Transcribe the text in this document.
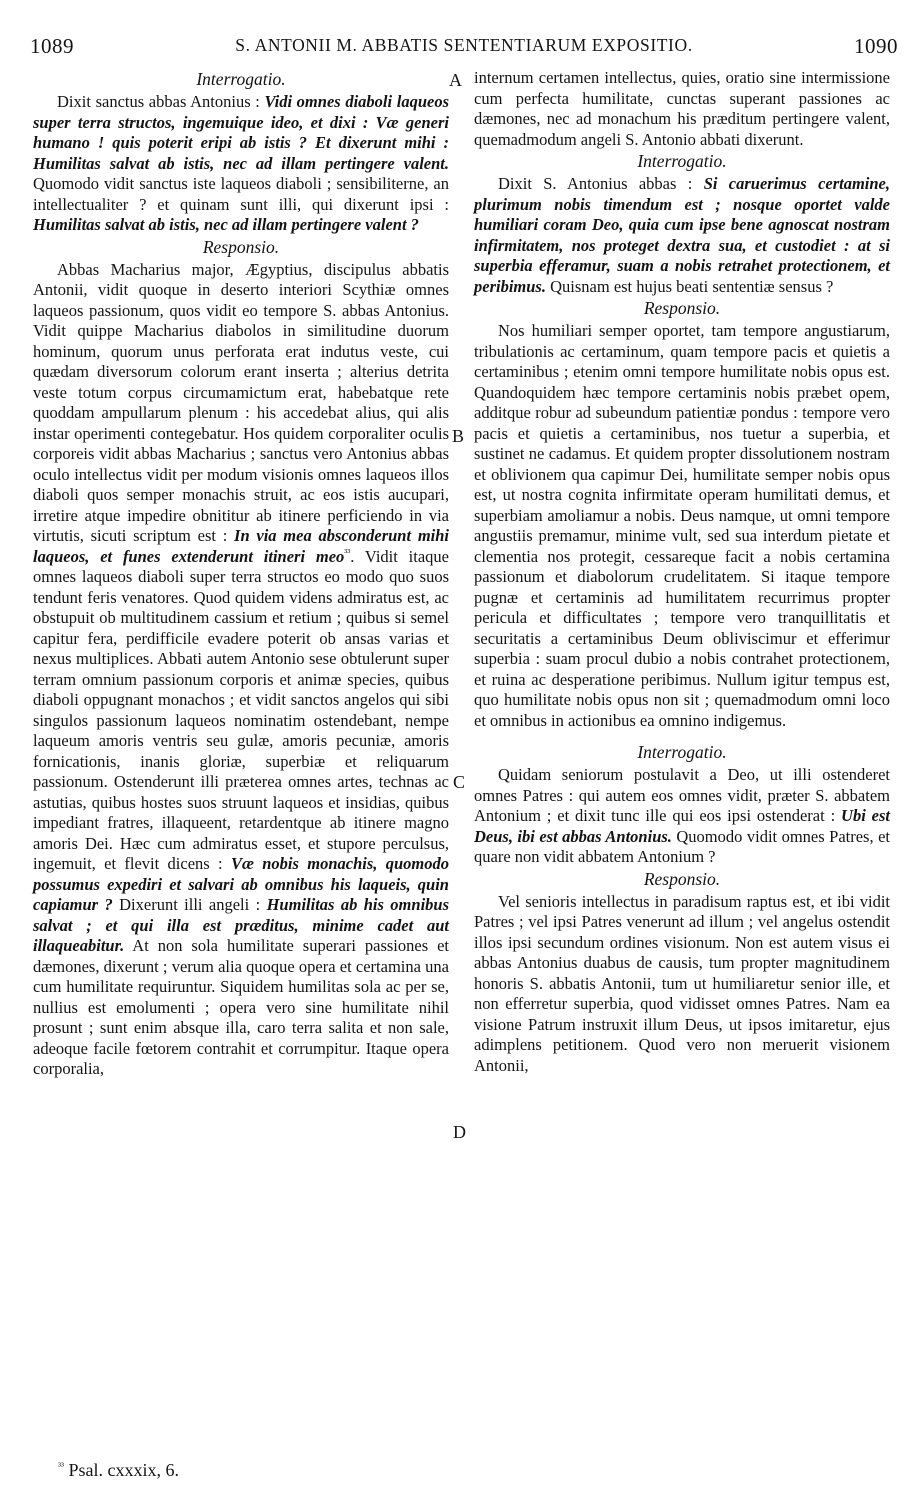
1089	S. ANTONII M. ABBATIS SENTENTIARUM EXPOSITIO.	1090
A
B
C
D
Interrogatio.

Dixit sanctus abbas Antonius : Vidi omnes diaboli laqueos super terra structos, ingemuique ideo, et dixi : Væ generi humano ! quis poterit eripi ab istis ? Et dixerunt mihi : Humilitas salvat ab istis, nec ad illam pertingere valent. Quomodo vidit sanctus iste laqueos diaboli ; sensibiliterne, an intellectualiter ? et quinam sunt illi, qui dixerunt ipsi : Humilitas salvat ab istis, nec ad illam pertingere valent ?

Responsio.

Abbas Macharius major, Ægyptius, discipulus abbatis Antonii, vidit quoque in deserto interiori Scythiæ omnes laqueos passionum, quos vidit eo tempore S. abbas Antonius. Vidit quippe Macharius diabolos in similitudine duorum hominum, quorum unus perforata erat indutus veste, cui quædam diversorum colorum erant inserta ; alterius detrita veste totum corpus circumamictum erat, habebatque rete quoddam ampullarum plenum : his accedebat alius, qui alis instar operimenti contegebatur. Hos quidem corporaliter oculis corporeis vidit abbas Macharius ; sanctus vero Antonius abbas oculo intellectus vidit per modum visionis omnes laqueos illos diaboli quos semper monachis struit, ac eos istis aucupari, irretire atque impedire obnititur ab itinere perficiendo in via virtutis, sicuti scriptum est : In via mea absconderunt mihi laqueos, et funes extenderunt itineri meo$^{^{33}}$. Vidit itaque omnes laqueos diaboli super terra structos eo modo quo suos tendunt feris venatores. Quod quidem videns admiratus est, ac obstupuit ob multitudinem cassium et retium ; quibus si semel capitur fera, perdifficile evadere poterit ob ansas varias et nexus multiplices. Abbati autem Antonio sese obtulerunt super terram omnium passionum corporis et animæ species, quibus diaboli oppugnant monachos ; et vidit sanctos angelos qui sibi singulos passionum laqueos nominatim ostendebant, nempe laqueum amoris ventris seu gulæ, amoris pecuniæ, amoris fornicationis, inanis gloriæ, superbiæ et reliquarum passionum. Ostenderunt illi præterea omnes artes, technas ac astutias, quibus hostes suos struunt laqueos et insidias, quibus impediant fratres, illaqueent, retardentque ab itinere magno amoris Dei. Hæc cum admiratus esset, et stupore perculsus, ingemuit, et flevit dicens : Væ nobis monachis, quomodo possumus expediri et salvari ab omnibus his laqueis, quin capiamur ? Dixerunt illi angeli : Humilitas ab his omnibus salvat ; et qui illa est præditus, minime cadet aut illaqueabitur. At non sola humilitate superari passiones et dæmones, dixerunt ; verum alia quoque opera et certamina una cum humilitate requiruntur. Siquidem humilitas sola ac per se, nullius est emolumenti ; opera vero sine humilitate nihil prosunt ; sunt enim absque illa, caro terra salita et non sale, adeoque facile fœtorem contrahit et corrumpitur. Itaque opera corporalia,

internum certamen intellectus, quies, oratio sine intermissione cum perfecta humilitate, cunctas superant passiones ac dæmones, nec ad monachum his præditum pertingere valent, quemadmodum angeli S. Antonio abbati dixerunt.

Interrogatio.

Dixit S. Antonius abbas : Si caruerimus certamine, plurimum nobis timendum est ; nosque oportet valde humiliari coram Deo, quia cum ipse bene agnoscat nostram infirmitatem, nos proteget dextra sua, et custodiet : at si superbia efferamur, suam a nobis retrahet protectionem, et peribimus. Quisnam est hujus beati sententiæ sensus ?

Responsio.

Nos humiliari semper oportet, tam tempore angustiarum, tribulationis ac certaminum, quam tempore pacis et quietis a certaminibus ; etenim omni tempore humilitate nobis opus est. Quandoquidem hæc tempore certaminis nobis præbet opem, additque robur ad subeundum patientiæ pondus : tempore vero pacis et quietis a certaminibus, nos tuetur a superbia, et sustinet ne cadamus. Et quidem propter dissolutionem nostram et oblivionem qua capimur Dei, humilitate semper nobis opus est, ut nostra cognita infirmitate operam humilitati demus, et superbiam amoliamur a nobis. Deus namque, ut omni tempore angustiis premamur, minime vult, sed sua interdum pietate et clementia nos protegit, cessareque facit a nobis certamina passionum et diabolorum crudelitatem. Si itaque tempore pugnæ et certaminis ad humilitatem recurrimus propter pericula et difficultates ; tempore vero tranquillitatis et securitatis a certaminibus Deum obliviscimur et efferimur superbia : suam procul dubio a nobis contrahet protectionem, et ruina ac desperatione peribimus. Nullum igitur tempus est, quo humilitate nobis opus non sit ; quemadmodum omni loco et omnibus in actionibus ea omnino indigemus.

Interrogatio.

Quidam seniorum postulavit a Deo, ut illi ostenderet omnes Patres : qui autem eos omnes vidit, præter S. abbatem Antonium ; et dixit tunc ille qui eos ipsi ostenderat : Ubi est Deus, ibi est abbas Antonius. Quomodo vidit omnes Patres, et quare non vidit abbatem Antonium ?

Responsio.

Vel senioris intellectus in paradisum raptus est, et ibi vidit Patres ; vel ipsi Patres venerunt ad illum ; vel angelus ostendit illos ipsi secundum ordines visionum. Non est autem visus ei abbas Antonius duabus de causis, tum propter magnitudinem honoris S. abbatis Antonii, tum ut humiliaretur senior ille, et non efferretur superbia, quod vidisset omnes Patres. Nam ea visione Patrum instruxit illum Deus, ut ipsos imitaretur, ejus adimplens petitionem. Quod vero non meruerit visionem Antonii,

$^{^{33}}$ Psal. cxxxix, 6.
